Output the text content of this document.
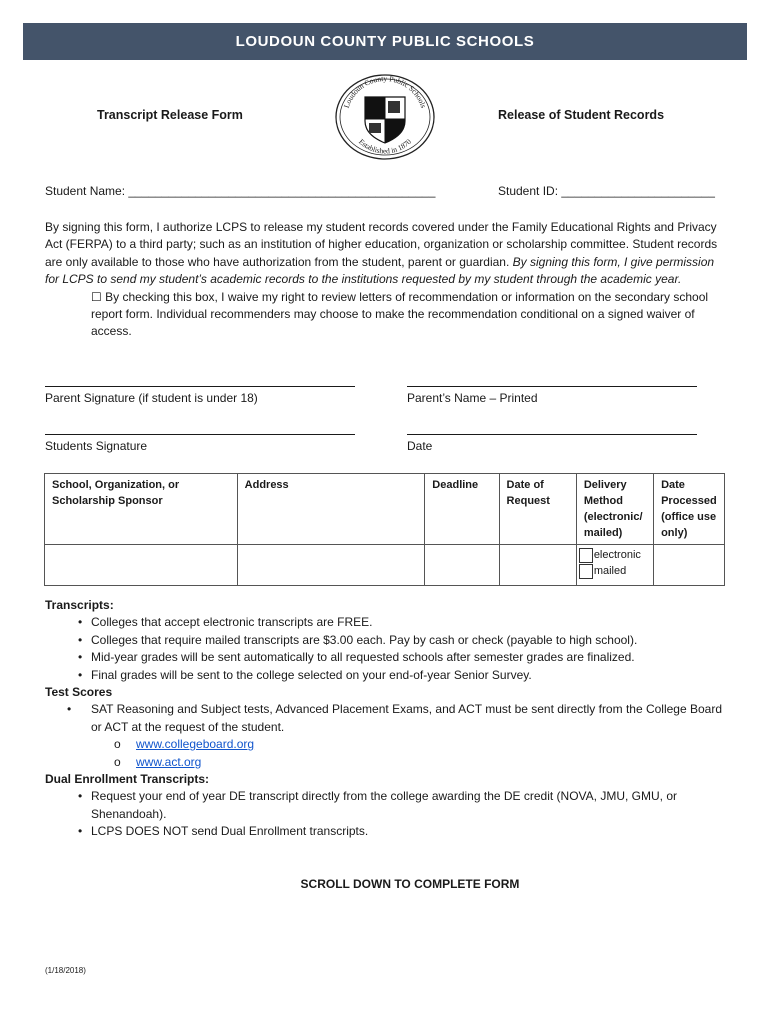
LOUDOUN COUNTY PUBLIC SCHOOLS
Transcript Release Form	Release of Student Records
Loudoun County Public Schools
Established in 1870
Student Name: ______________________________________________	Student ID: _______________________
By signing this form, I authorize LCPS to release my student records covered under the Family Educational Rights and Privacy Act (FERPA) to a third party; such as an institution of higher education, organization or scholarship committee. Student records are only available to those who have authorization from the student, parent or guardian. By signing this form, I give permission for LCPS to send my student’s academic records to the institutions requested by my student through the academic year.
☐ By checking this box, I waive my right to review letters of recommendation or information on the secondary school report form. Individual recommenders may choose to make the recommendation conditional on a signed waiver of access.
Parent Signature (if student is under 18)	Parent’s Name – Printed
Students Signature	Date
School, Organization, or Scholarship Sponsor	Address	Deadline	Date of Request	Delivery Method (electronic/ mailed)	Date Processed (office use only)

				electronic
mailed	

Transcripts:
• Colleges that accept electronic transcripts are FREE.
• Colleges that require mailed transcripts are $3.00 each. Pay by cash or check (payable to high school).
• Mid-year grades will be sent automatically to all requested schools after semester grades are finalized.
• Final grades will be sent to the college selected on your end-of-year Senior Survey.
Test Scores
• SAT Reasoning and Subject tests, Advanced Placement Exams, and ACT must be sent directly from the College Board or ACT at the request of the student.
o www.collegeboard.org
o www.act.org
Dual Enrollment Transcripts:
• Request your end of year DE transcript directly from the college awarding the DE credit (NOVA, JMU, GMU, or Shenandoah).
• LCPS DOES NOT send Dual Enrollment transcripts.
SCROLL DOWN TO COMPLETE FORM
(1/18/2018)
